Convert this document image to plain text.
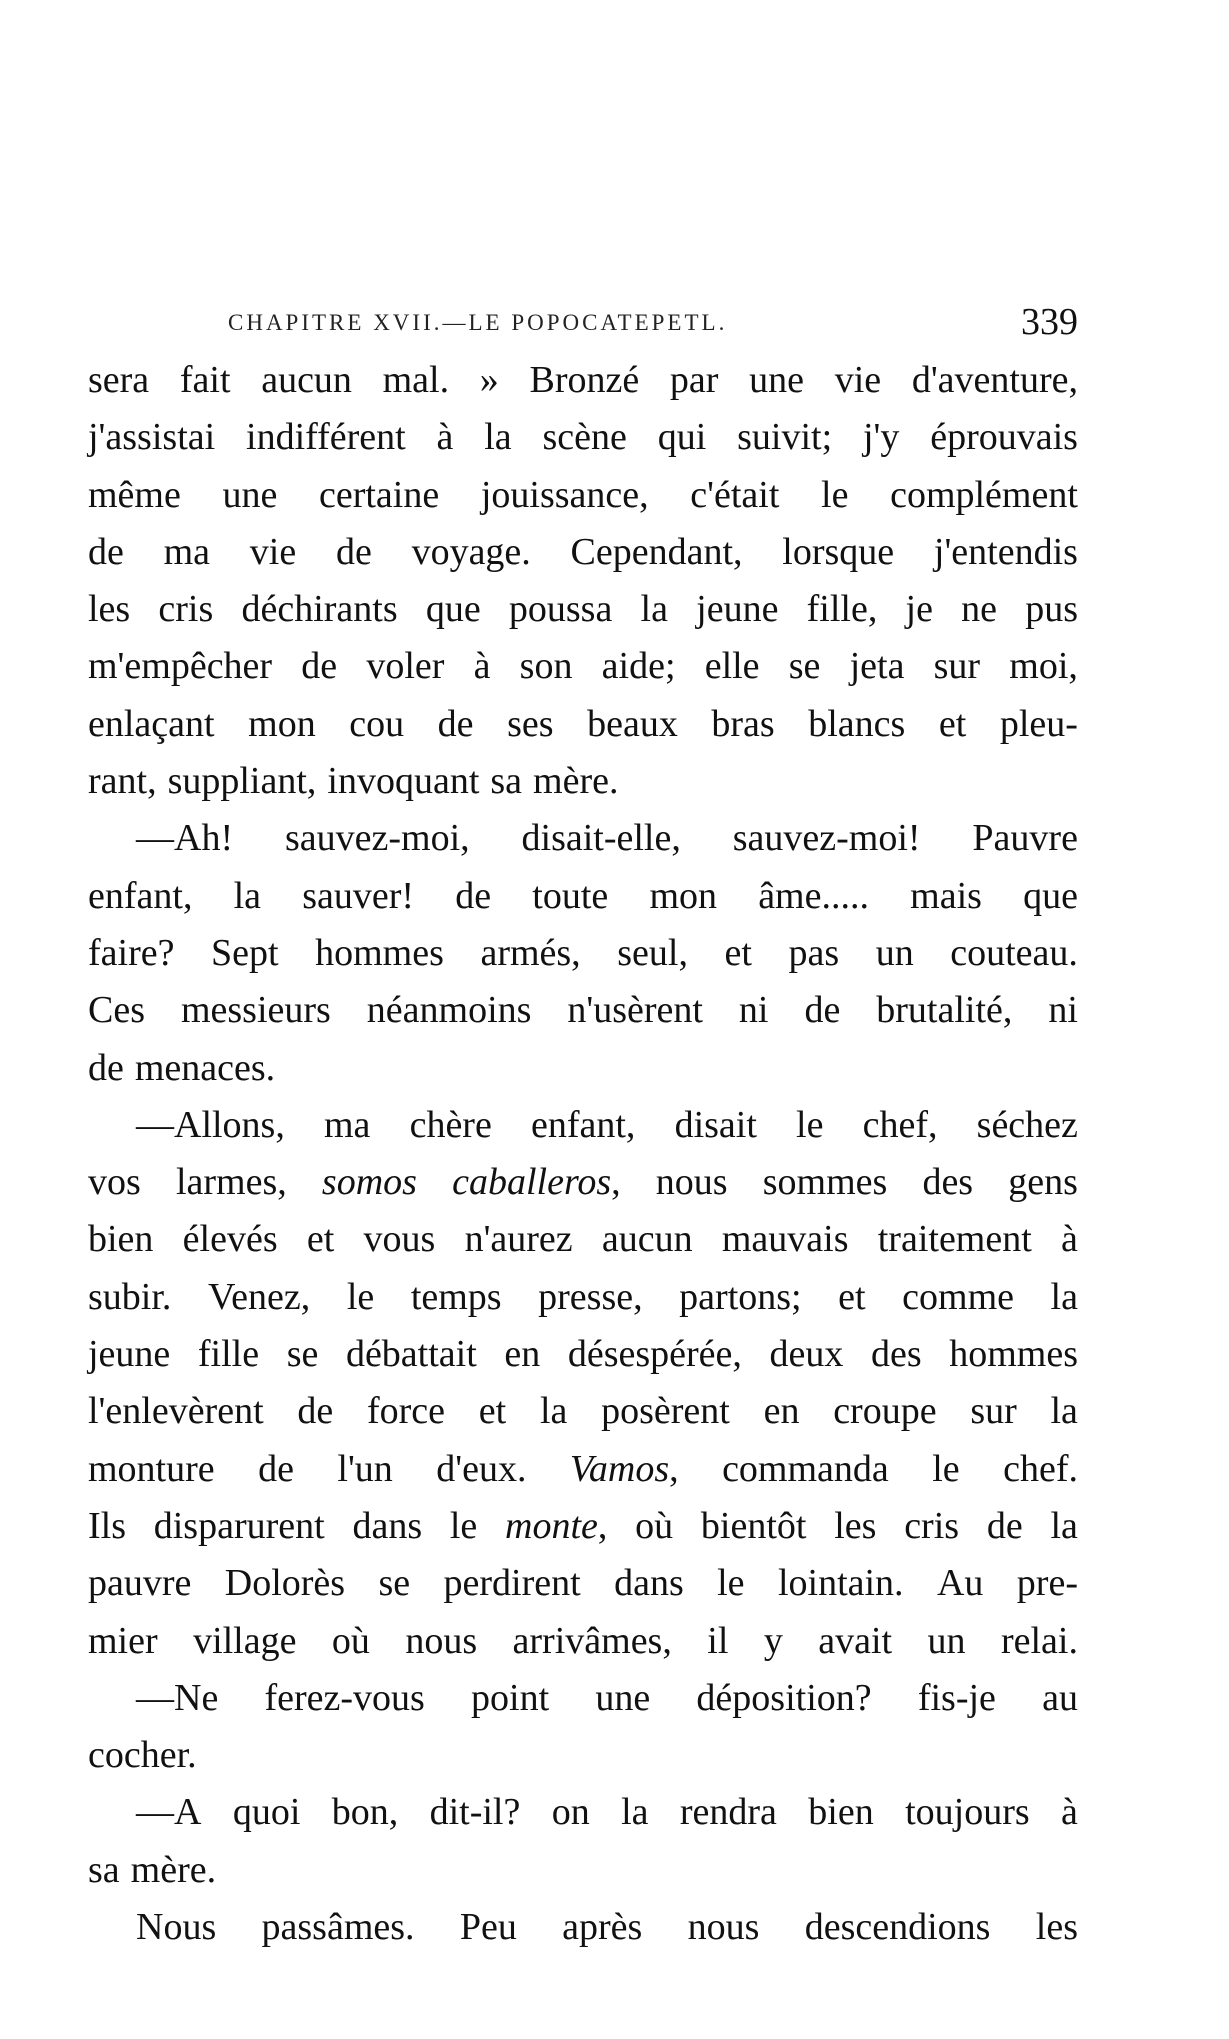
CHAPITRE XVII.—LE POPOCATEPETL.	339
sera fait aucun mal. » Bronzé par une vie d'aventure,
j'assistai indifférent à la scène qui suivit; j'y éprouvais
même une certaine jouissance, c'était le complément
de ma vie de voyage. Cependant, lorsque j'entendis
les cris déchirants que poussa la jeune fille, je ne pus
m'empêcher de voler à son aide; elle se jeta sur moi,
enlaçant mon cou de ses beaux bras blancs et pleu-
rant, suppliant, invoquant sa mère.
—Ah! sauvez-moi, disait-elle, sauvez-moi! Pauvre
enfant, la sauver! de toute mon âme..... mais que
faire? Sept hommes armés, seul, et pas un couteau.
Ces messieurs néanmoins n'usèrent ni de brutalité, ni
de menaces.
—Allons, ma chère enfant, disait le chef, séchez
vos larmes, somos caballeros, nous sommes des gens
bien élevés et vous n'aurez aucun mauvais traitement à
subir. Venez, le temps presse, partons; et comme la
jeune fille se débattait en désespérée, deux des hommes
l'enlevèrent de force et la posèrent en croupe sur la
monture de l'un d'eux. Vamos, commanda le chef.
Ils disparurent dans le monte, où bientôt les cris de la
pauvre Dolorès se perdirent dans le lointain. Au pre-
mier village où nous arrivâmes, il y avait un relai.
—Ne ferez-vous point une déposition? fis-je au
cocher.
—A quoi bon, dit-il? on la rendra bien toujours à
sa mère.
Nous passâmes. Peu après nous descendions les
